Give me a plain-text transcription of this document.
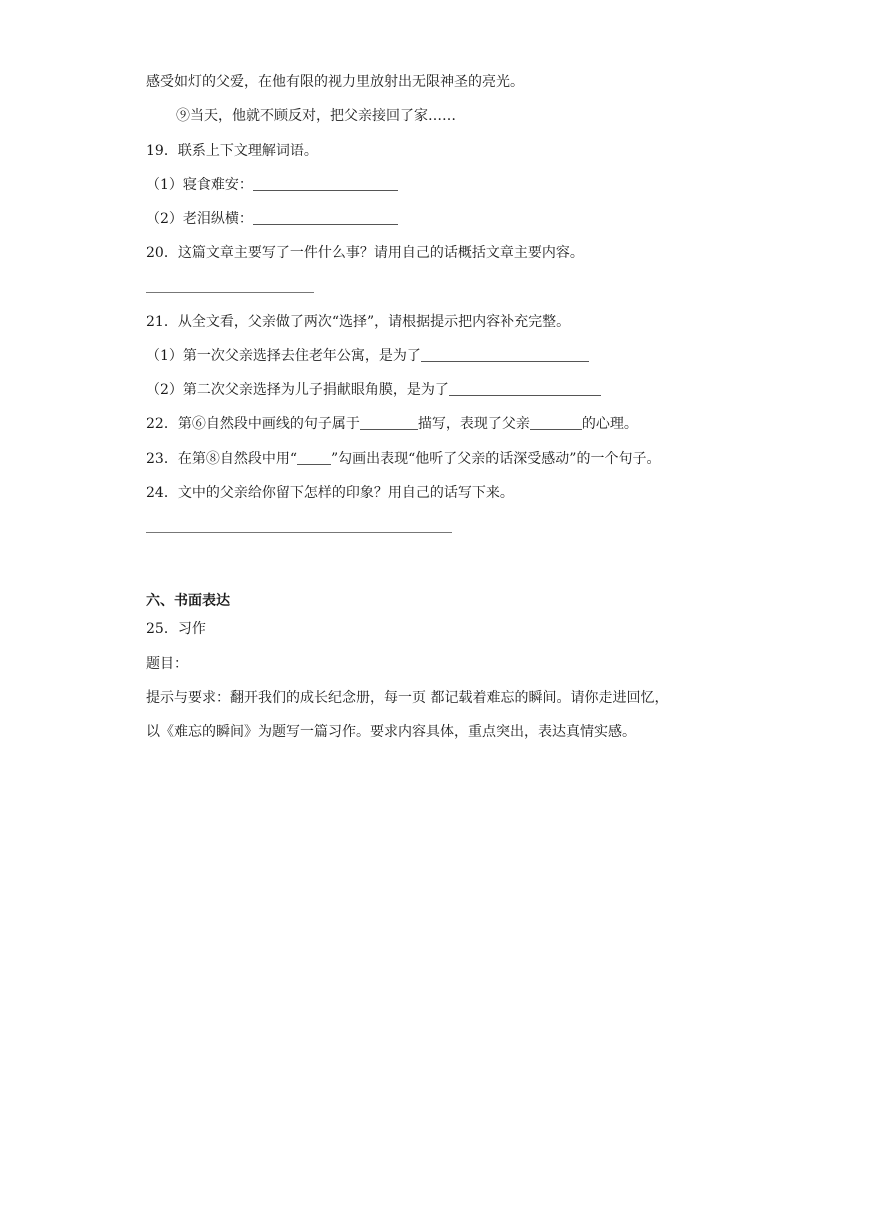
感受如灯的父爱，在他有限的视力里放射出无限神圣的亮光。
⑨当天，他就不顾反对，把父亲接回了家……
19．联系上下文理解词语。
（1）寝食难安：
（2）老泪纵横：
20．这篇文章主要写了一件什么事？请用自己的话概括文章主要内容。
21．从全文看，父亲做了两次“选择”，请根据提示把内容补充完整。
（1）第一次父亲选择去住老年公寓，是为了
（2）第二次父亲选择为儿子捐献眼角膜，是为了
22．第⑥自然段中画线的句子属于	描写，表现了父亲	的心理。
23．在第⑧自然段中用“ ”勾画出表现“他听了父亲的话深受感动”的一个句子。
24．文中的父亲给你留下怎样的印象？用自己的话写下来。
六、书面表达
25．习作
题目：
提示与要求：翻开我们的成长纪念册，每一页 都记载着难忘的瞬间。请你走进回忆，
以《难忘的瞬间》为题写一篇习作。要求内容具体，重点突出，表达真情实感。
